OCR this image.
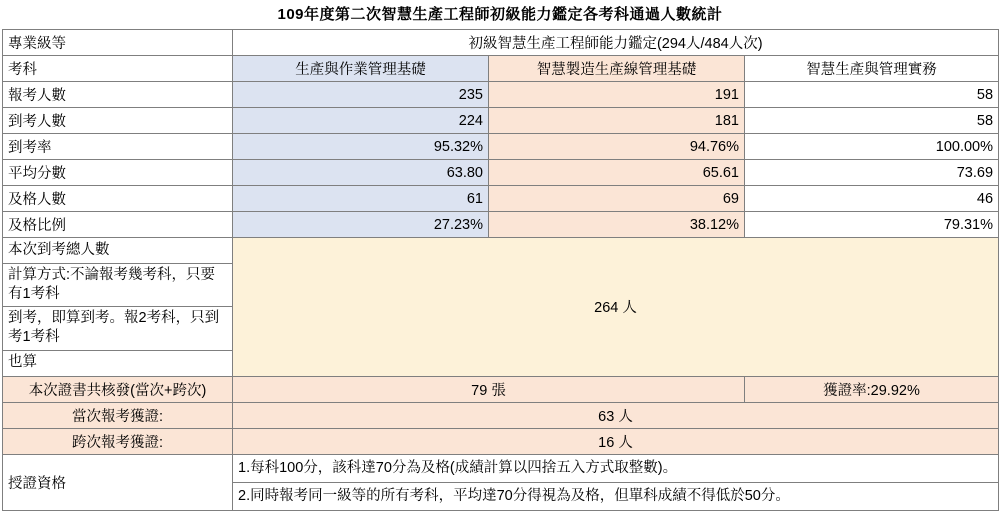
109年度第二次智慧生產工程師初級能力鑑定各考科通過人數統計
專業級等	初級智慧生產工程師能力鑑定(294人/484人次)		
考科	生產與作業管理基礎	智慧製造生產線管理基礎	智慧生產與管理實務
報考人數	235	191	58
到考人數	224	181	58
到考率	95.32%	94.76%	100.00%
平均分數	63.80	65.61	73.69
及格人數	61	69	46
及格比例	27.23%	38.12%	79.31%
本次到考總人數	264 人		
計算方式:不論報考幾考科，只要有1考科			
到考，即算到考。報2考科，只到考1考科			
也算			
本次證書共核發(當次+跨次)	79 張		獲證率:29.92%
當次報考獲證:	63 人		
跨次報考獲證:	16 人		
授證資格	1.每科100分，該科達70分為及格(成績計算以四捨五入方式取整數)。		
	2.同時報考同一級等的所有考科，平均達70分得視為及格，但單科成績不得低於50分。		
